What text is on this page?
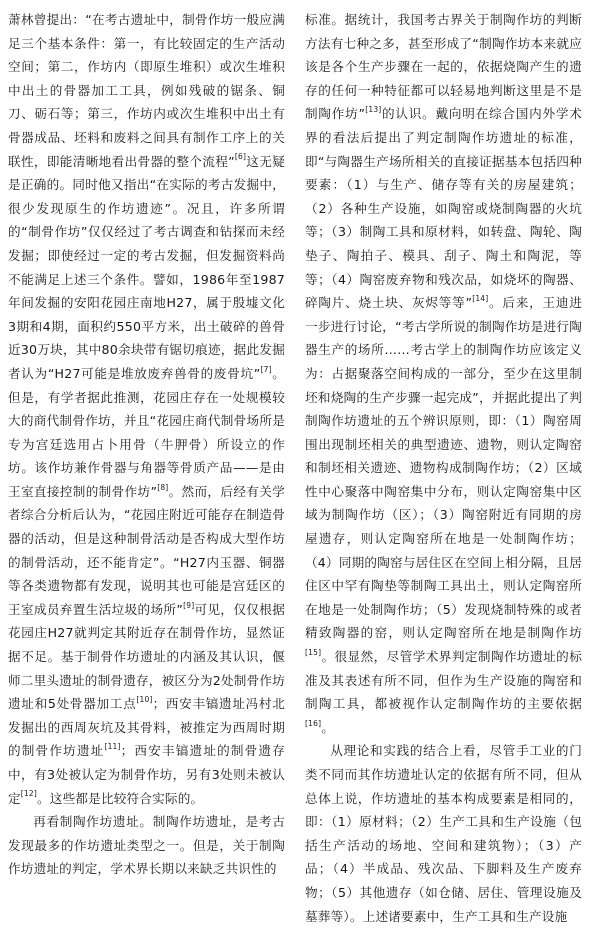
萧林曾提出：“在考古遗址中，制骨作坊一般应满足三个基本条件：第一，有比较固定的生产活动空间；第二，作坊内（即原生堆积）或次生堆积中出土的骨器加工工具，例如残破的锯条、铜刀、砺石等；第三，作坊内或次生堆积中出土有骨器成品、坯料和废料之间具有制作工序上的关联性，即能清晰地看出骨器的整个流程”[6]这无疑是正确的。同时他又指出“在实际的考古发掘中，很少发现原生的作坊遗迹”。况且，许多所谓的“制骨作坊”仅仅经过了考古调查和钻探而未经发掘；即使经过一定的考古发掘，但发掘资料尚不能满足上述三个条件。譬如，1986年至1987年间发掘的安阳花园庄南地H27，属于殷墟文化3期和4期，面积约550平方米，出土破碎的兽骨近30万块，其中80余块带有锯切痕迹，据此发掘者认为“H27可能是堆放废弃兽骨的废骨坑”[7]。但是，有学者据此推测，花园庄存在一处规模较大的商代制骨作坊，并且“花园庄商代制骨场所是专为宫廷选用占卜用骨（牛胛骨）所设立的作坊。该作坊兼作骨器与角器等骨质产品——是由王室直接控制的制骨作坊”[8]。然而，后经有关学者综合分析后认为，“花园庄附近可能存在制造骨器的活动，但是这种制骨活动是否构成大型作坊的制骨活动，还不能肯定”。“H27内玉器、铜器等各类遗物都有发现，说明其也可能是宫廷区的王室成员弃置生活垃圾的场所”[9]可见，仅仅根据花园庄H27就判定其附近存在制骨作坊，显然证据不足。基于制骨作坊遗址的内涵及其认识，偃师二里头遗址的制骨遗存，被区分为2处制骨作坊遗址和5处骨器加工点[10]；西安丰镐遗址冯村北发掘出的西周灰坑及其骨料，被推定为西周时期的制骨作坊遗址[11]；西安丰镐遗址的制骨遗存中，有3处被认定为制骨作坊，另有3处则未被认定[12]。这些都是比较符合实际的。

再看制陶作坊遗址。制陶作坊遗址，是考古发现最多的作坊遗址类型之一。但是，关于制陶作坊遗址的判定，学术界长期以来缺乏共识性的

标准。据统计，我国考古界关于制陶作坊的判断方法有七种之多，甚至形成了“制陶作坊本来就应该是各个生产步骤在一起的，依据烧陶产生的遗存的任何一种特征都可以轻易地判断这里是不是制陶作坊”[13]的认识。戴向明在综合国内外学术界的看法后提出了判定制陶作坊遗址的标准，即“与陶器生产场所相关的直接证据基本包括四种要素：（1）与生产、储存等有关的房屋建筑；（2）各种生产设施，如陶窑或烧制陶器的火坑等；（3）制陶工具和原材料，如转盘、陶轮、陶垫子、陶拍子、模具、刮子、陶土和陶泥，等等；（4）陶窑废弃物和残次品，如烧坏的陶器、碎陶片、烧土块、灰烬等等”[14]。后来，王迪进一步进行讨论，“考古学所说的制陶作坊是进行陶器生产的场所……考古学上的制陶作坊应该定义为：占据聚落空间构成的一部分，至少在这里制坯和烧陶的生产步骤一起完成”，并据此提出了判制陶作坊遗址的五个辨识原则，即：（1）陶窑周围出现制坯相关的典型遗迹、遗物，则认定陶窑和制坯相关遗迹、遗物构成制陶作坊；（2）区域性中心聚落中陶窑集中分布，则认定陶窑集中区域为制陶作坊（区）；（3）陶窑附近有同期的房屋遗存，则认定陶窑所在地是一处制陶作坊；（4）同期的陶窑与居住区在空间上相分隔，且居住区中罕有陶垫等制陶工具出土，则认定陶窑所在地是一处制陶作坊；（5）发现烧制特殊的或者精致陶器的窑，则认定陶窑所在地是制陶作坊[15]。很显然，尽管学术界判定制陶作坊遗址的标准及其表述有所不同，但作为生产设施的陶窑和制陶工具，都被视作认定制陶作坊的主要依据[16]。

从理论和实践的结合上看，尽管手工业的门类不同而其作坊遗址认定的依据有所不同，但从总体上说，作坊遗址的基本构成要素是相同的，即：（1）原材料；（2）生产工具和生产设施（包括生产活动的场地、空间和建筑物）；（3）产品；（4）半成品、残次品、下脚料及生产废弃物；（5）其他遗存（如仓储、居住、管理设施及墓葬等）。上述诸要素中，生产工具和生产设施
